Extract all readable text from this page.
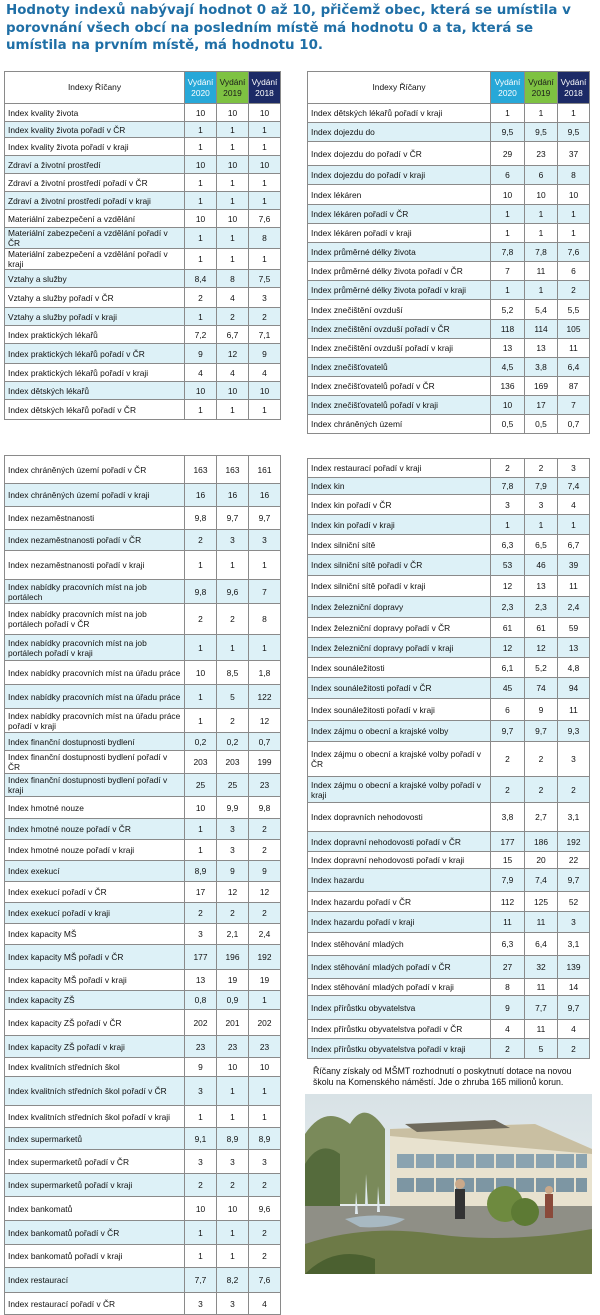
Hodnoty indexů nabývají hodnot 0 až 10, přičemž obec, která se umístila v porovnání všech obcí na posledním místě má hodnotu 0 a ta, která se umístila na prvním místě, má hodnotu 10.

Indexy Říčany	Vydání 2020	Vydání 2019	Vydání 2018
Index kvality života	10	10	10
Index kvality života pořadí v ČR	1	1	1
Index kvality života pořadí v kraji	1	1	1
Zdraví a životní prostředí	10	10	10
Zdraví a životní prostředí pořadí v ČR	1	1	1
Zdraví a životní prostředí pořadí v kraji	1	1	1
Materiální zabezpečení a vzdělání	10	10	7,6
Materiální zabezpečení a vzdělání pořadí v ČR	1	1	8
Materiální zabezpečení a vzdělání pořadí v kraji	1	1	1
Vztahy a služby	8,4	8	7,5
Vztahy a služby pořadí v ČR	2	4	3
Vztahy a služby pořadí v kraji	1	2	2
Index praktických lékařů	7,2	6,7	7,1
Index praktických lékařů pořadí v ČR	9	12	9
Index praktických lékařů pořadí v kraji	4	4	4
Index dětských lékařů	10	10	10
Index dětských lékařů pořadí v ČR	1	1	1
Indexy Říčany	Vydání 2020	Vydání 2019	Vydání 2018
Index dětských lékařů pořadí v kraji	1	1	1
Index dojezdu do	9,5	9,5	9,5
Index dojezdu do pořadí v ČR	29	23	37
Index dojezdu do pořadí v kraji	6	6	8
Index lékáren	10	10	10
Index lékáren pořadí v ČR	1	1	1
Index lékáren pořadí v kraji	1	1	1
Index průměrné délky života	7,8	7,8	7,6
Index průměrné délky života pořadí v ČR	7	11	6
Index průměrné délky života pořadí v kraji	1	1	2
Index znečištění ovzduší	5,2	5,4	5,5
Index znečištění ovzduší pořadí v ČR	118	114	105
Index znečištění ovzduší pořadí v kraji	13	13	11
Index znečišťovatelů	4,5	3,8	6,4
Index znečišťovatelů pořadí v ČR	136	169	87
Index znečišťovatelů pořadí v kraji	10	17	7
Index chráněných území	0,5	0,5	0,7
Index chráněných území pořadí v ČR	163	163	161
Index chráněných území pořadí v kraji	16	16	16
Index nezaměstnanosti	9,8	9,7	9,7
Index nezaměstnanosti pořadí v ČR	2	3	3
Index nezaměstnanosti pořadí v kraji	1	1	1
Index nabídky pracovních míst na job portálech	9,8	9,6	7
Index nabídky pracovních míst na job portálech pořadí v ČR	2	2	8
Index nabídky pracovních míst na job portálech pořadí v kraji	1	1	1
Index nabídky pracovních míst na úřadu práce	10	8,5	1,8
Index nabídky pracovních míst na úřadu práce	1	5	122
Index nabídky pracovních míst na úřadu práce pořadí v kraji	1	2	12
Index finanční dostupnosti bydlení	0,2	0,2	0,7
Index finanční dostupnosti bydlení pořadí v ČR	203	203	199
Index finanční dostupnosti bydlení pořadí v kraji	25	25	23
Index hmotné nouze	10	9,9	9,8
Index hmotné nouze pořadí v ČR	1	3	2
Index hmotné nouze pořadí v kraji	1	3	2
Index exekucí	8,9	9	9
Index exekucí pořadí v ČR	17	12	12
Index exekucí pořadí v kraji	2	2	2
Index kapacity MŠ	3	2,1	2,4
Index kapacity MŠ pořadí v ČR	177	196	192
Index kapacity MŠ pořadí v kraji	13	19	19
Index kapacity ZŠ	0,8	0,9	1
Index kapacity ZŠ pořadí v ČR	202	201	202
Index kapacity ZŠ pořadí v kraji	23	23	23
Index kvalitních středních škol	9	10	10
Index kvalitních středních škol pořadí v ČR	3	1	1
Index kvalitních středních škol pořadí v kraji	1	1	1
Index supermarketů	9,1	8,9	8,9
Index supermarketů pořadí v ČR	3	3	3
Index supermarketů pořadí v kraji	2	2	2
Index bankomatů	10	10	9,6
Index bankomatů pořadí v ČR	1	1	2
Index bankomatů pořadí v kraji	1	1	2
Index restaurací	7,7	8,2	7,6
Index restaurací pořadí v ČR	3	3	4
Index restaurací pořadí v kraji	2	2	3
Index kin	7,8	7,9	7,4
Index kin pořadí v ČR	3	3	4
Index kin pořadí v kraji	1	1	1
Index silniční sítě	6,3	6,5	6,7
Index silniční sítě pořadí v ČR	53	46	39
Index silniční sítě pořadí v kraji	12	13	11
Index železniční dopravy	2,3	2,3	2,4
Index železniční dopravy pořadí v ČR	61	61	59
Index železniční dopravy pořadí v kraji	12	12	13
Index sounáležitosti	6,1	5,2	4,8
Index sounáležitosti pořadí v ČR	45	74	94
Index sounáležitosti pořadí v kraji	6	9	11
Index zájmu o obecní a krajské volby	9,7	9,7	9,3
Index zájmu o obecní a krajské volby pořadí v ČR	2	2	3
Index zájmu o obecní a krajské volby pořadí v kraji	2	2	2
Index dopravních nehodovosti	3,8	2,7	3,1
Index dopravní nehodovosti pořadí v ČR	177	186	192
Index dopravní nehodovosti pořadí v kraji	15	20	22
Index hazardu	7,9	7,4	9,7
Index hazardu pořadí v ČR	112	125	52
Index hazardu pořadí v kraji	11	11	3
Index stěhování mladých	6,3	6,4	3,1
Index stěhování mladých pořadí v ČR	27	32	139
Index stěhování mladých pořadí v kraji	8	11	14
Index přírůstku obyvatelstva	9	7,7	9,7
Index přírůstku obyvatelstva pořadí v ČR	4	11	4
Index přírůstku obyvatelstva pořadí v kraji	2	5	2

Říčany získaly od MŠMT rozhodnutí o poskytnutí dotace na novou školu na Komenského náměstí. Jde o zhruba 165 milionů korun.
